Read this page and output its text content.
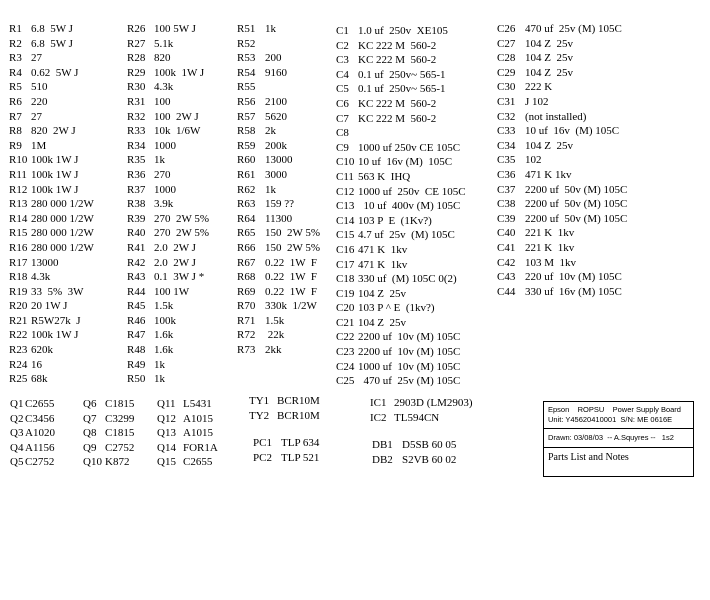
R1 6.8  5W J
R2 6.8  5W J
R3 27
R4 0.62  5W J
R5 510
R6 220
R7 27
R8 820  2W J
R9 1M
R10 100k 1W J
R11 100k 1W J
R12 100k 1W J
R13 280 000 1/2W
R14 280 000 1/2W
R15 280 000 1/2W
R16 280 000 1/2W
R17 13000
R18 4.3k
R19 33  5%  3W
R20 20 1W J
R21 R5W27k  J
R22 100k 1W J
R23 620k
R24 16
R25 68k
R26 100 5W J
R27 5.1k
R28 820
R29 100k  1W J
R30 4.3k
R31 100
R32 100  2W J
R33 10k  1/6W
R34 1000
R35 1k
R36 270
R37 1000
R38 3.9k
R39 270  2W 5%
R40 270  2W 5%
R41 2.0  2W J
R42 2.0  2W J
R43 0.1  3W J *
R44 100 1W
R45 1.5k
R46 100k
R47 1.6k
R48 1.6k
R49 1k
R50 1k
R51 1k
R52
R53 200
R54 9160
R55
R56 2100
R57 5620
R58 2k
R59 200k
R60 13000
R61 3000
R62 1k
R63 159 ??
R64 11300
R65 150  2W 5%
R66 150  2W 5%
R67 0.22  1W  F
R68 0.22  1W  F
R69 0.22  1W  F
R70 330k  1/2W
R71 1.5k
R72 22k
R73 2kk
C1 1.0 uf  250v  XE105
C2 KC 222 M  560-2
C3 KC 222 M  560-2
C4 0.1 uf  250v~ 565-1
C5 0.1 uf  250v~ 565-1
C6 KC 222 M  560-2
C7 KC 222 M  560-2
C8
C9 1000 uf 250v CE 105C
C10 10 uf  16v (M)  105C
C11 563 K  IHQ
C12 1000 uf  250v  CE 105C
C13  10 uf  400v (M) 105C
C14 103 P  E  (1Kv?)
C15 4.7 uf  25v  (M) 105C
C16 471 K  1kv
C17 471 K  1kv
C18 330 uf  (M) 105C 0(2)
C19 104 Z  25v
C20 103 P ^ E  (1kv?)
C21 104 Z  25v
C22 2200 uf  10v (M) 105C
C23 2200 uf  10v (M) 105C
C24 1000 uf  10v (M) 105C
C25  470 uf  25v (M) 105C
C26 470 uf  25v (M) 105C
C27 104 Z  25v
C28 104 Z  25v
C29 104 Z  25v
C30 222 K
C31 J 102
C32 (not installed)
C33 10 uf  16v  (M) 105C
C34 104 Z  25v
C35 102
C36 471 K 1kv
C37 2200 uf  50v (M) 105C
C38 2200 uf  50v (M) 105C
C39 2200 uf  50v (M) 105C
C40 221 K  1kv
C41 221 K  1kv
C42 103 M  1kv
C43 220 uf  10v (M) 105C
C44 330 uf  16v (M) 105C
Q1 C2655
Q2 C3456
Q3 A1020
Q4 A1156
Q5 C2752
Q6 C1815
Q7 C3299
Q8 C1815
Q9 C2752
Q10 K872
Q11 L5431
Q12 A1015
Q13 A1015
Q14 FOR1A
Q15 C2655
TY1 BCR10M
TY2 BCR10M
PC1 TLP 634
PC2 TLP 521
IC1 2903D (LM2903)
IC2 TL594CN
DB1 D5SB 60 05
DB2 S2VB 60 02
Epson    ROPSU    Power Supply Board
Unit: Y45620410001  S/N: ME 0616E
Drawn: 03/08/03  -- A.Squyres --   1s2
Parts List and Notes
